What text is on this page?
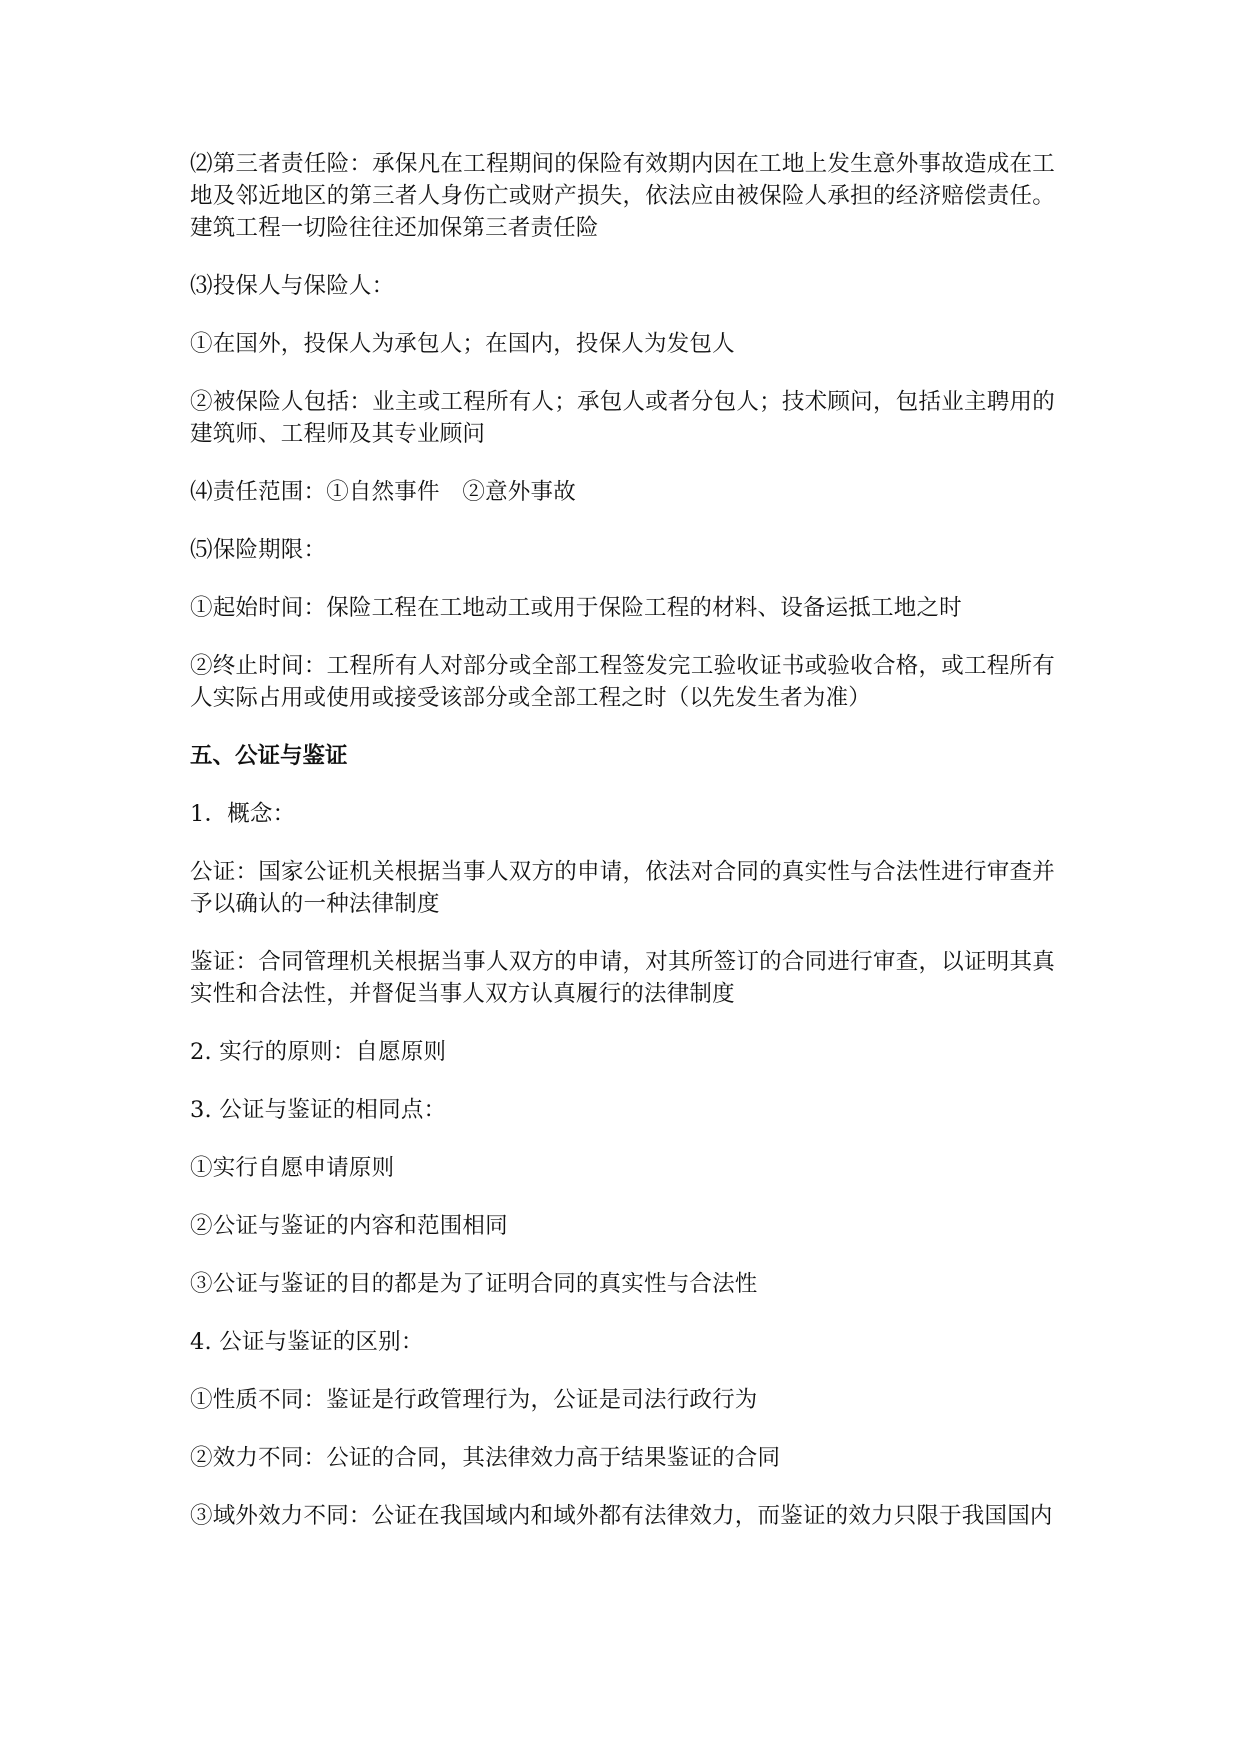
⑵第三者责任险：承保凡在工程期间的保险有效期内因在工地上发生意外事故造成在工地及邻近地区的第三者人身伤亡或财产损失，依法应由被保险人承担的经济赔偿责任。建筑工程一切险往往还加保第三者责任险

⑶投保人与保险人：

①在国外，投保人为承包人；在国内，投保人为发包人

②被保险人包括：业主或工程所有人；承包人或者分包人；技术顾问，包括业主聘用的建筑师、工程师及其专业顾问

⑷责任范围：①自然事件　②意外事故

⑸保险期限：

①起始时间：保险工程在工地动工或用于保险工程的材料、设备运抵工地之时

②终止时间：工程所有人对部分或全部工程签发完工验收证书或验收合格，或工程所有人实际占用或使用或接受该部分或全部工程之时（以先发生者为准）

五、公证与鉴证

1．概念：

公证：国家公证机关根据当事人双方的申请，依法对合同的真实性与合法性进行审查并予以确认的一种法律制度

鉴证：合同管理机关根据当事人双方的申请，对其所签订的合同进行审查，以证明其真实性和合法性，并督促当事人双方认真履行的法律制度

2. 实行的原则：自愿原则

3. 公证与鉴证的相同点：

①实行自愿申请原则

②公证与鉴证的内容和范围相同

③公证与鉴证的目的都是为了证明合同的真实性与合法性

4. 公证与鉴证的区别：

①性质不同：鉴证是行政管理行为，公证是司法行政行为

②效力不同：公证的合同，其法律效力高于结果鉴证的合同

③域外效力不同：公证在我国域内和域外都有法律效力，而鉴证的效力只限于我国国内
